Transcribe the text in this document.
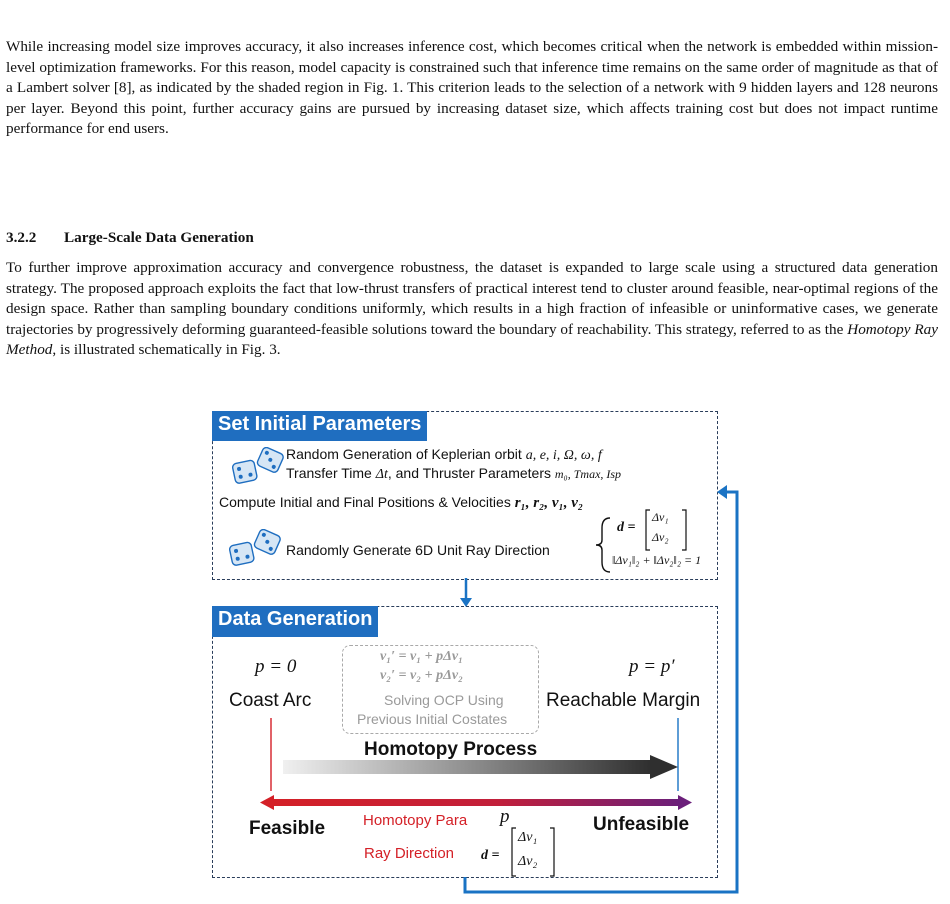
While increasing model size improves accuracy, it also increases inference cost, which becomes critical when the network is embedded within mission-level optimization frameworks. For this reason, model capacity is constrained such that inference time remains on the same order of magnitude as that of a Lambert solver [8], as indicated by the shaded region in Fig. 1. This criterion leads to the selection of a network with 9 hidden layers and 128 neurons per layer. Beyond this point, further accuracy gains are pursued by increasing dataset size, which affects training cost but does not impact runtime performance for end users.
3.2.2 Large-Scale Data Generation
To further improve approximation accuracy and convergence robustness, the dataset is expanded to large scale using a structured data generation strategy. The proposed approach exploits the fact that low-thrust transfers of practical interest tend to cluster around feasible, near-optimal regions of the design space. Rather than sampling boundary conditions uniformly, which results in a high fraction of infeasible or uninformative cases, we generate trajectories by progressively deforming guaranteed-feasible solutions toward the boundary of reachability. This strategy, referred to as the Homotopy Ray Method, is illustrated schematically in Fig. 3.
Set Initial Parameters
Random Generation of Keplerian orbit a, e, i, Ω, ω, f
Transfer Time Δt, and Thruster Parameters m₀, Tmax, Isp
Compute Initial and Final Positions & Velocities r₁, r₂, v₁, v₂
Randomly Generate 6D Unit Ray Direction
d =
Δv₁
Δv₂
‖Δv₁‖₂ + ‖Δv₂‖₂ = 1
Data Generation
p = 0
Coast Arc
v₁′ = v₁ + pΔv₁
v₂′ = v₂ + pΔv₂
Solving OCP Using
Previous Initial Costates
p = p′
Reachable Margin
Homotopy Process
Feasible	Unfeasible
Homotopy Para p
Ray Direction d =
Δv₁
Δv₂
